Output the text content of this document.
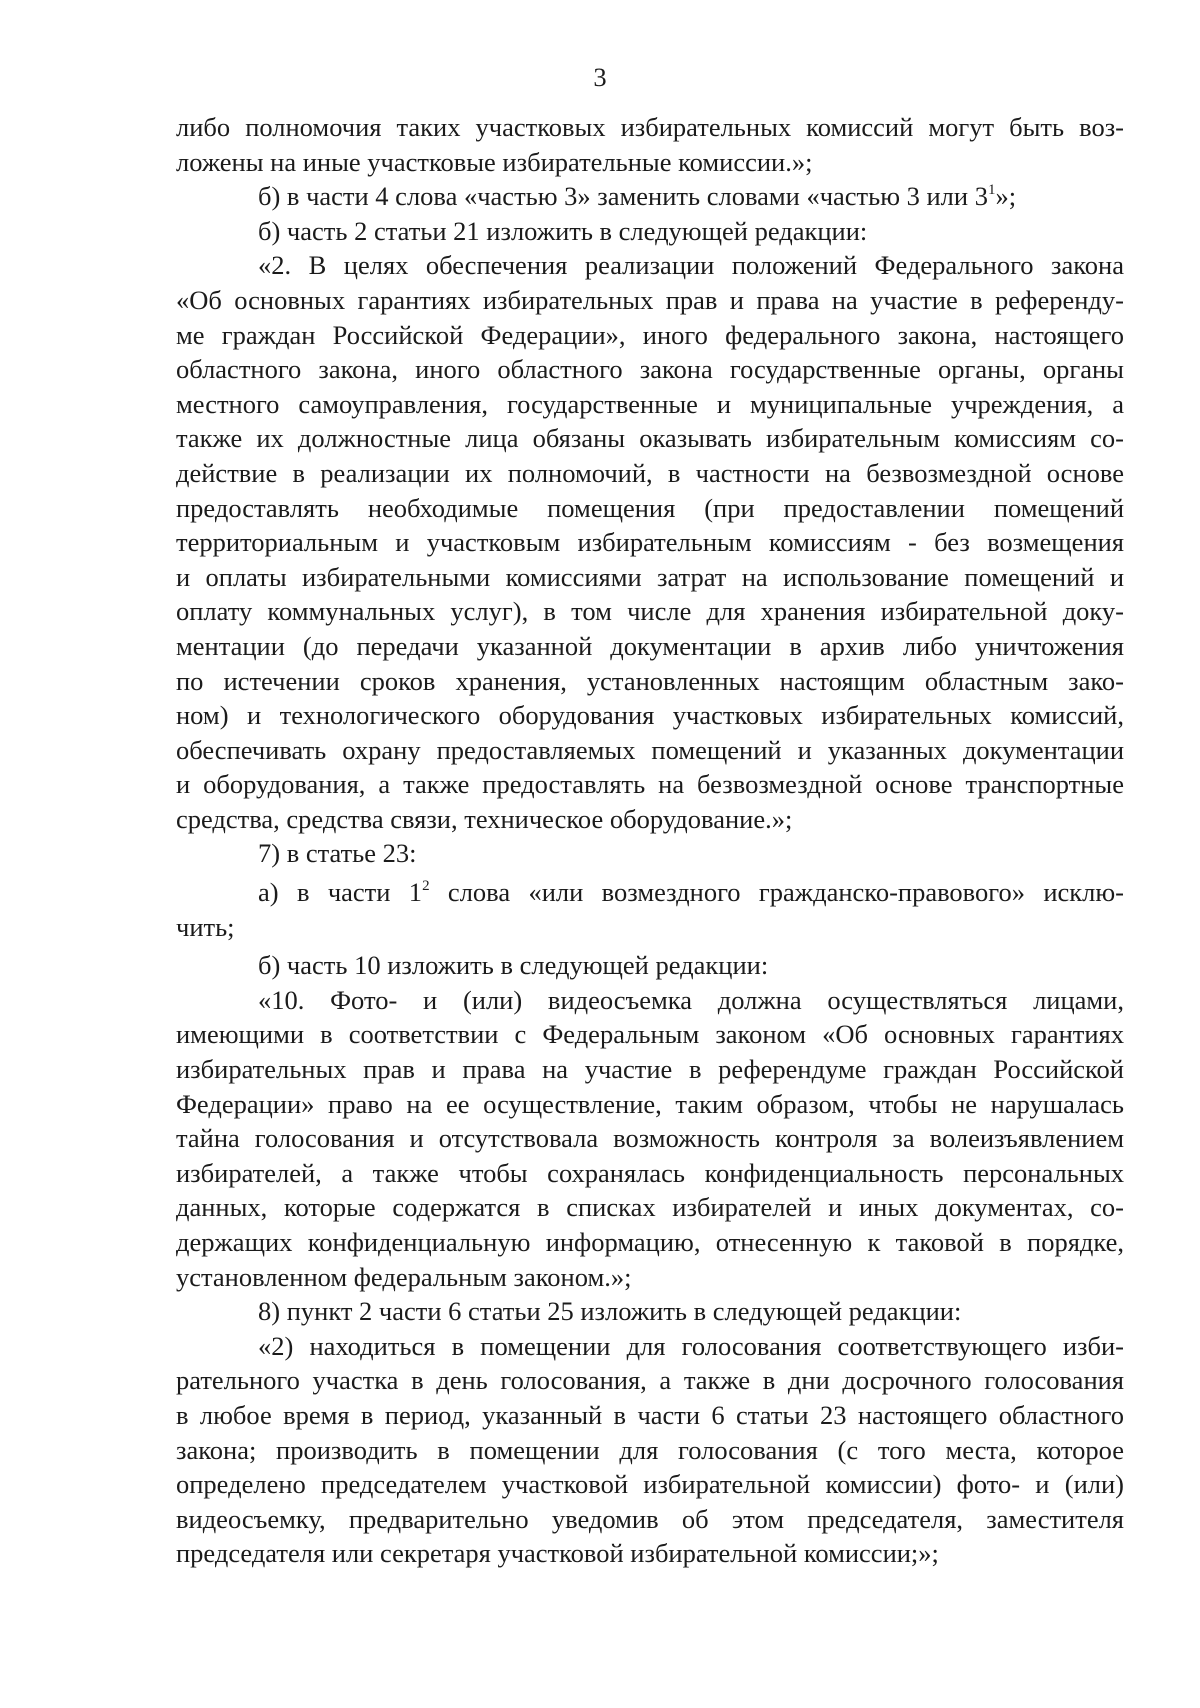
3
либо полномочия таких участковых избирательных комиссий могут быть воз-
ложены на иные участковые избирательные комиссии.»;
б) в части 4 слова «частью 3» заменить словами «частью 3 или $3^1$»;
б) часть 2 статьи 21 изложить в следующей редакции:
«2. В целях обеспечения реализации положений Федерального закона
«Об основных гарантиях избирательных прав и права на участие в референду-
ме граждан Российской Федерации», иного федерального закона, настоящего
областного закона, иного областного закона государственные органы, органы
местного самоуправления, государственные и муниципальные учреждения, а
также их должностные лица обязаны оказывать избирательным комиссиям со-
действие в реализации их полномочий, в частности на безвозмездной основе
предоставлять необходимые помещения (при предоставлении помещений
территориальным и участковым избирательным комиссиям - без возмещения
и оплаты избирательными комиссиями затрат на использование помещений и
оплату коммунальных услуг), в том числе для хранения избирательной доку-
ментации (до передачи указанной документации в архив либо уничтожения
по истечении сроков хранения, установленных настоящим областным зако-
ном) и технологического оборудования участковых избирательных комиссий,
обеспечивать охрану предоставляемых помещений и указанных документации
и оборудования, а также предоставлять на безвозмездной основе транспортные
средства, средства связи, техническое оборудование.»;
7) в статье 23:
а) в части $1^2$ слова «или возмездного гражданско-правового» исклю-
чить;
б) часть 10 изложить в следующей редакции:
«10. Фото- и (или) видеосъемка должна осуществляться лицами,
имеющими в соответствии с Федеральным законом «Об основных гарантиях
избирательных прав и права на участие в референдуме граждан Российской
Федерации» право на ее осуществление, таким образом, чтобы не нарушалась
тайна голосования и отсутствовала возможность контроля за волеизъявлением
избирателей, а также чтобы сохранялась конфиденциальность персональных
данных, которые содержатся в списках избирателей и иных документах, со-
держащих конфиденциальную информацию, отнесенную к таковой в порядке,
установленном федеральным законом.»;
8) пункт 2 части 6 статьи 25 изложить в следующей редакции:
«2) находиться в помещении для голосования соответствующего изби-
рательного участка в день голосования, а также в дни досрочного голосования
в любое время в период, указанный в части 6 статьи 23 настоящего областного
закона; производить в помещении для голосования (с того места, которое
определено председателем участковой избирательной комиссии) фото- и (или)
видеосъемку, предварительно уведомив об этом председателя, заместителя
председателя или секретаря участковой избирательной комиссии;»;
